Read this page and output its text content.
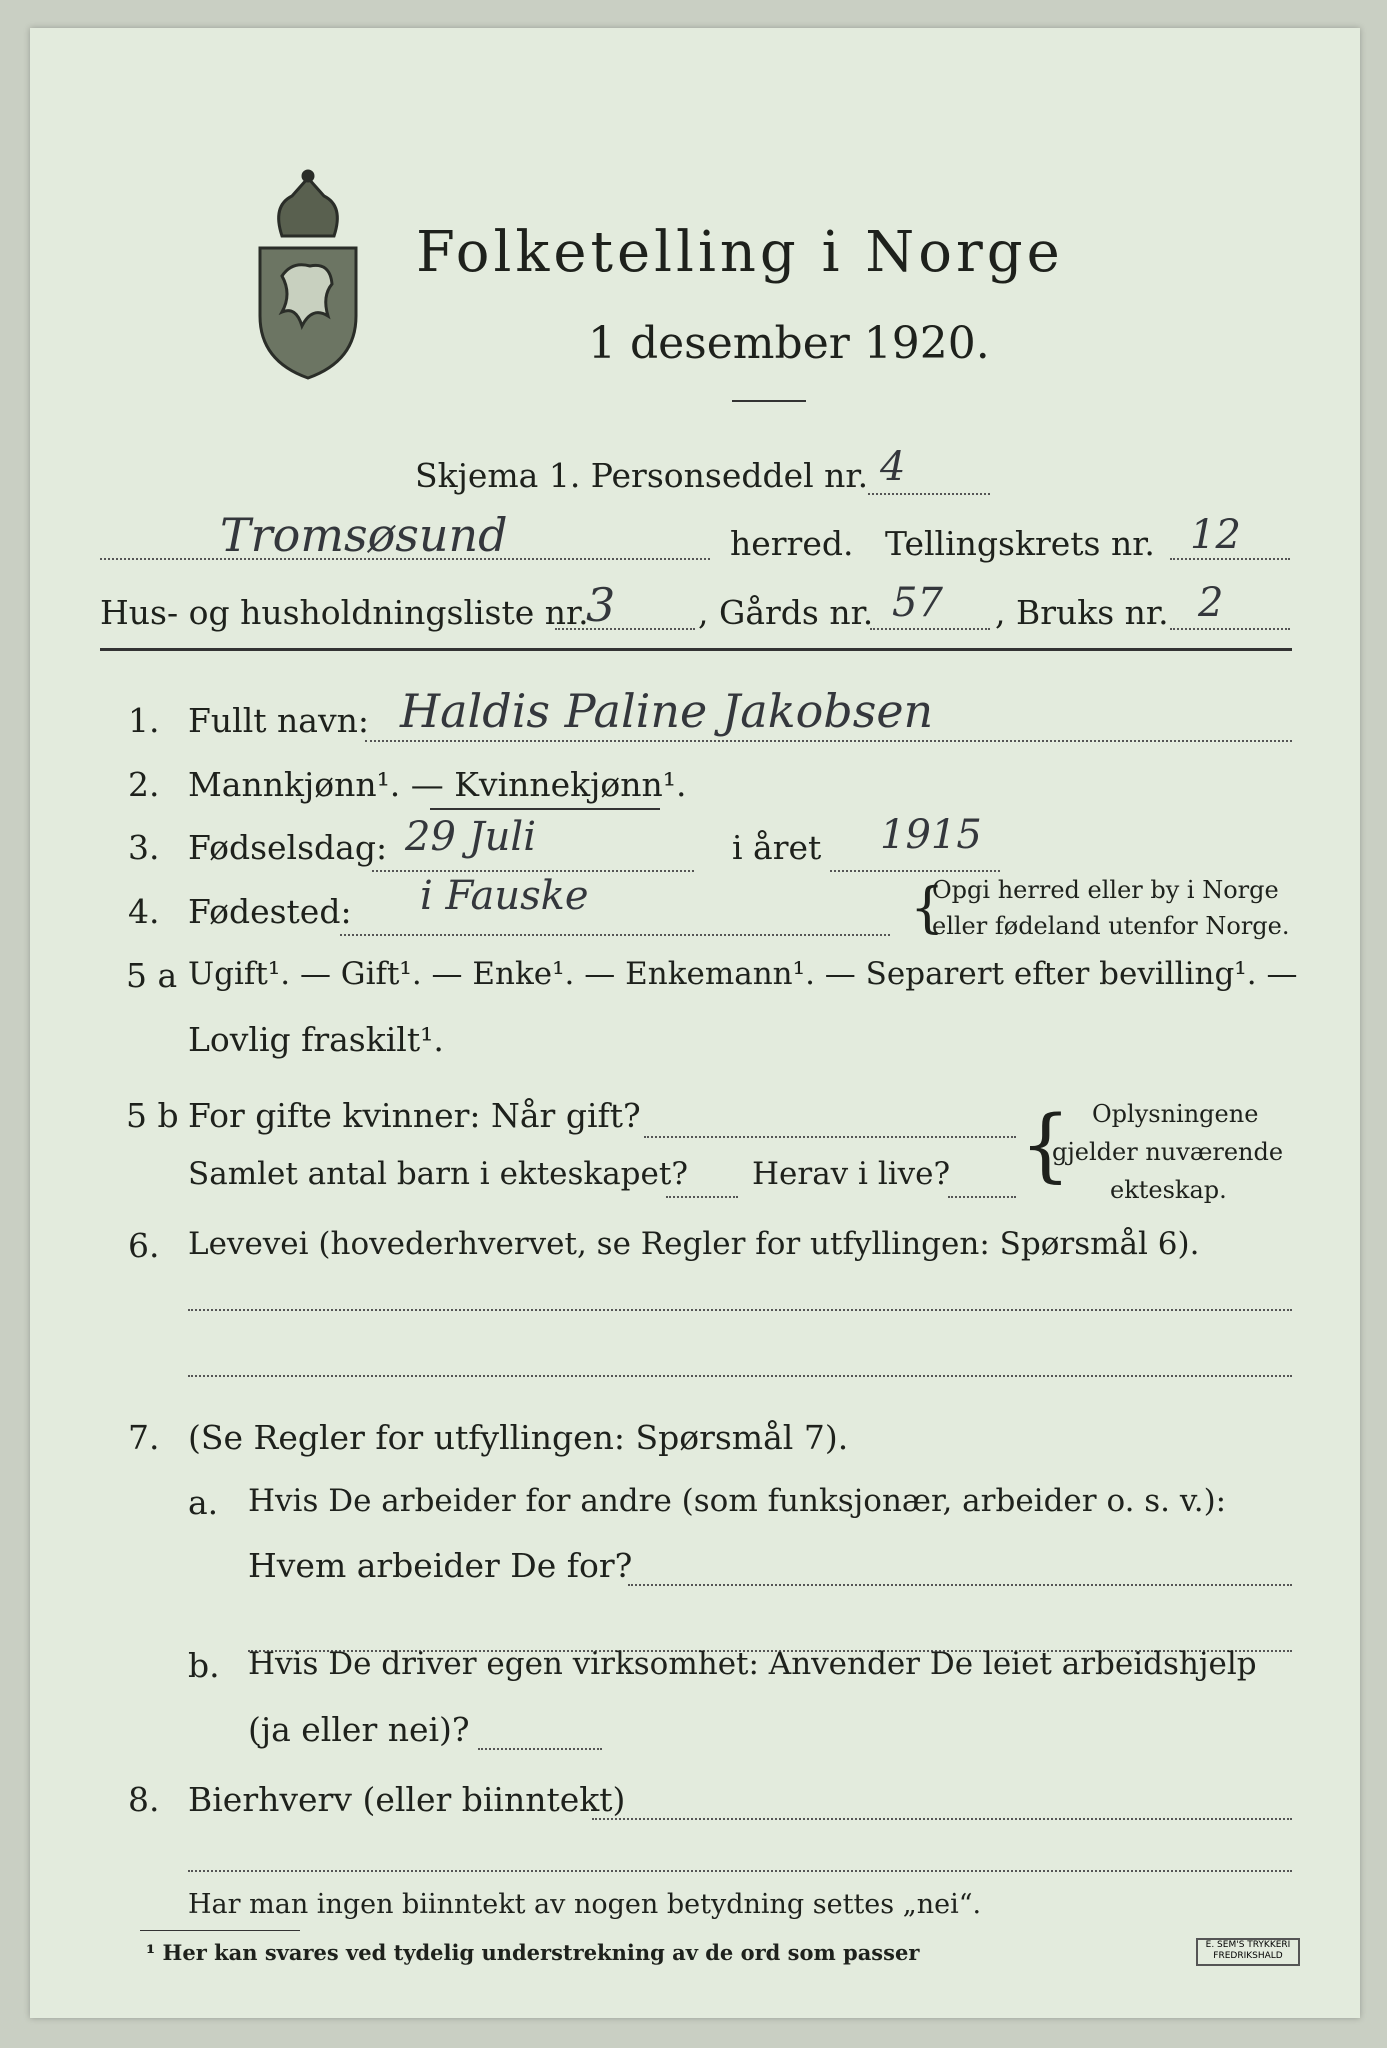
Folketelling i Norge
1 desember 1920.
Skjema 1. Personseddel nr. 4
Tromsøsund	herred. Tellingskrets nr. 12
Hus- og husholdningsliste nr.
3	, Gårds nr. 57 , Bruks nr. 2
1. Fullt navn: Haldis Paline Jakobsen
2. Mannkjønn¹. — Kvinnekjønn¹.
3. Fødselsdag: 29 Juli	i året 1915
4. Fødested: i Fauske	{
Opgi herred eller by i Norge
eller fødeland utenfor Norge.
5 a Ugift¹. — Gift¹. — Enke¹. — Enkemann¹. — Separert efter bevilling¹. —
Lovlig fraskilt¹.
5 b For gifte kvinner: Når gift?
Samlet antal barn i ekteskapet? Herav i live? { Oplysningene
gjelder nuværende
ekteskap.
6. Levevei (hovederhvervet, se Regler for utfyllingen: Spørsmål 6).
7. (Se Regler for utfyllingen: Spørsmål 7).
a. Hvis De arbeider for andre (som funksjonær, arbeider o. s. v.):
Hvem arbeider De for?
b. Hvis De driver egen virksomhet: Anvender De leiet arbeidshjelp
(ja eller nei)?
8. Bierhverv (eller biinntekt)
Har man ingen biinntekt av nogen betydning settes „nei“.
¹ Her kan svares ved tydelig understrekning av de ord som passer	E. SEM'S TRYKKERI
FREDRIKSHALD
